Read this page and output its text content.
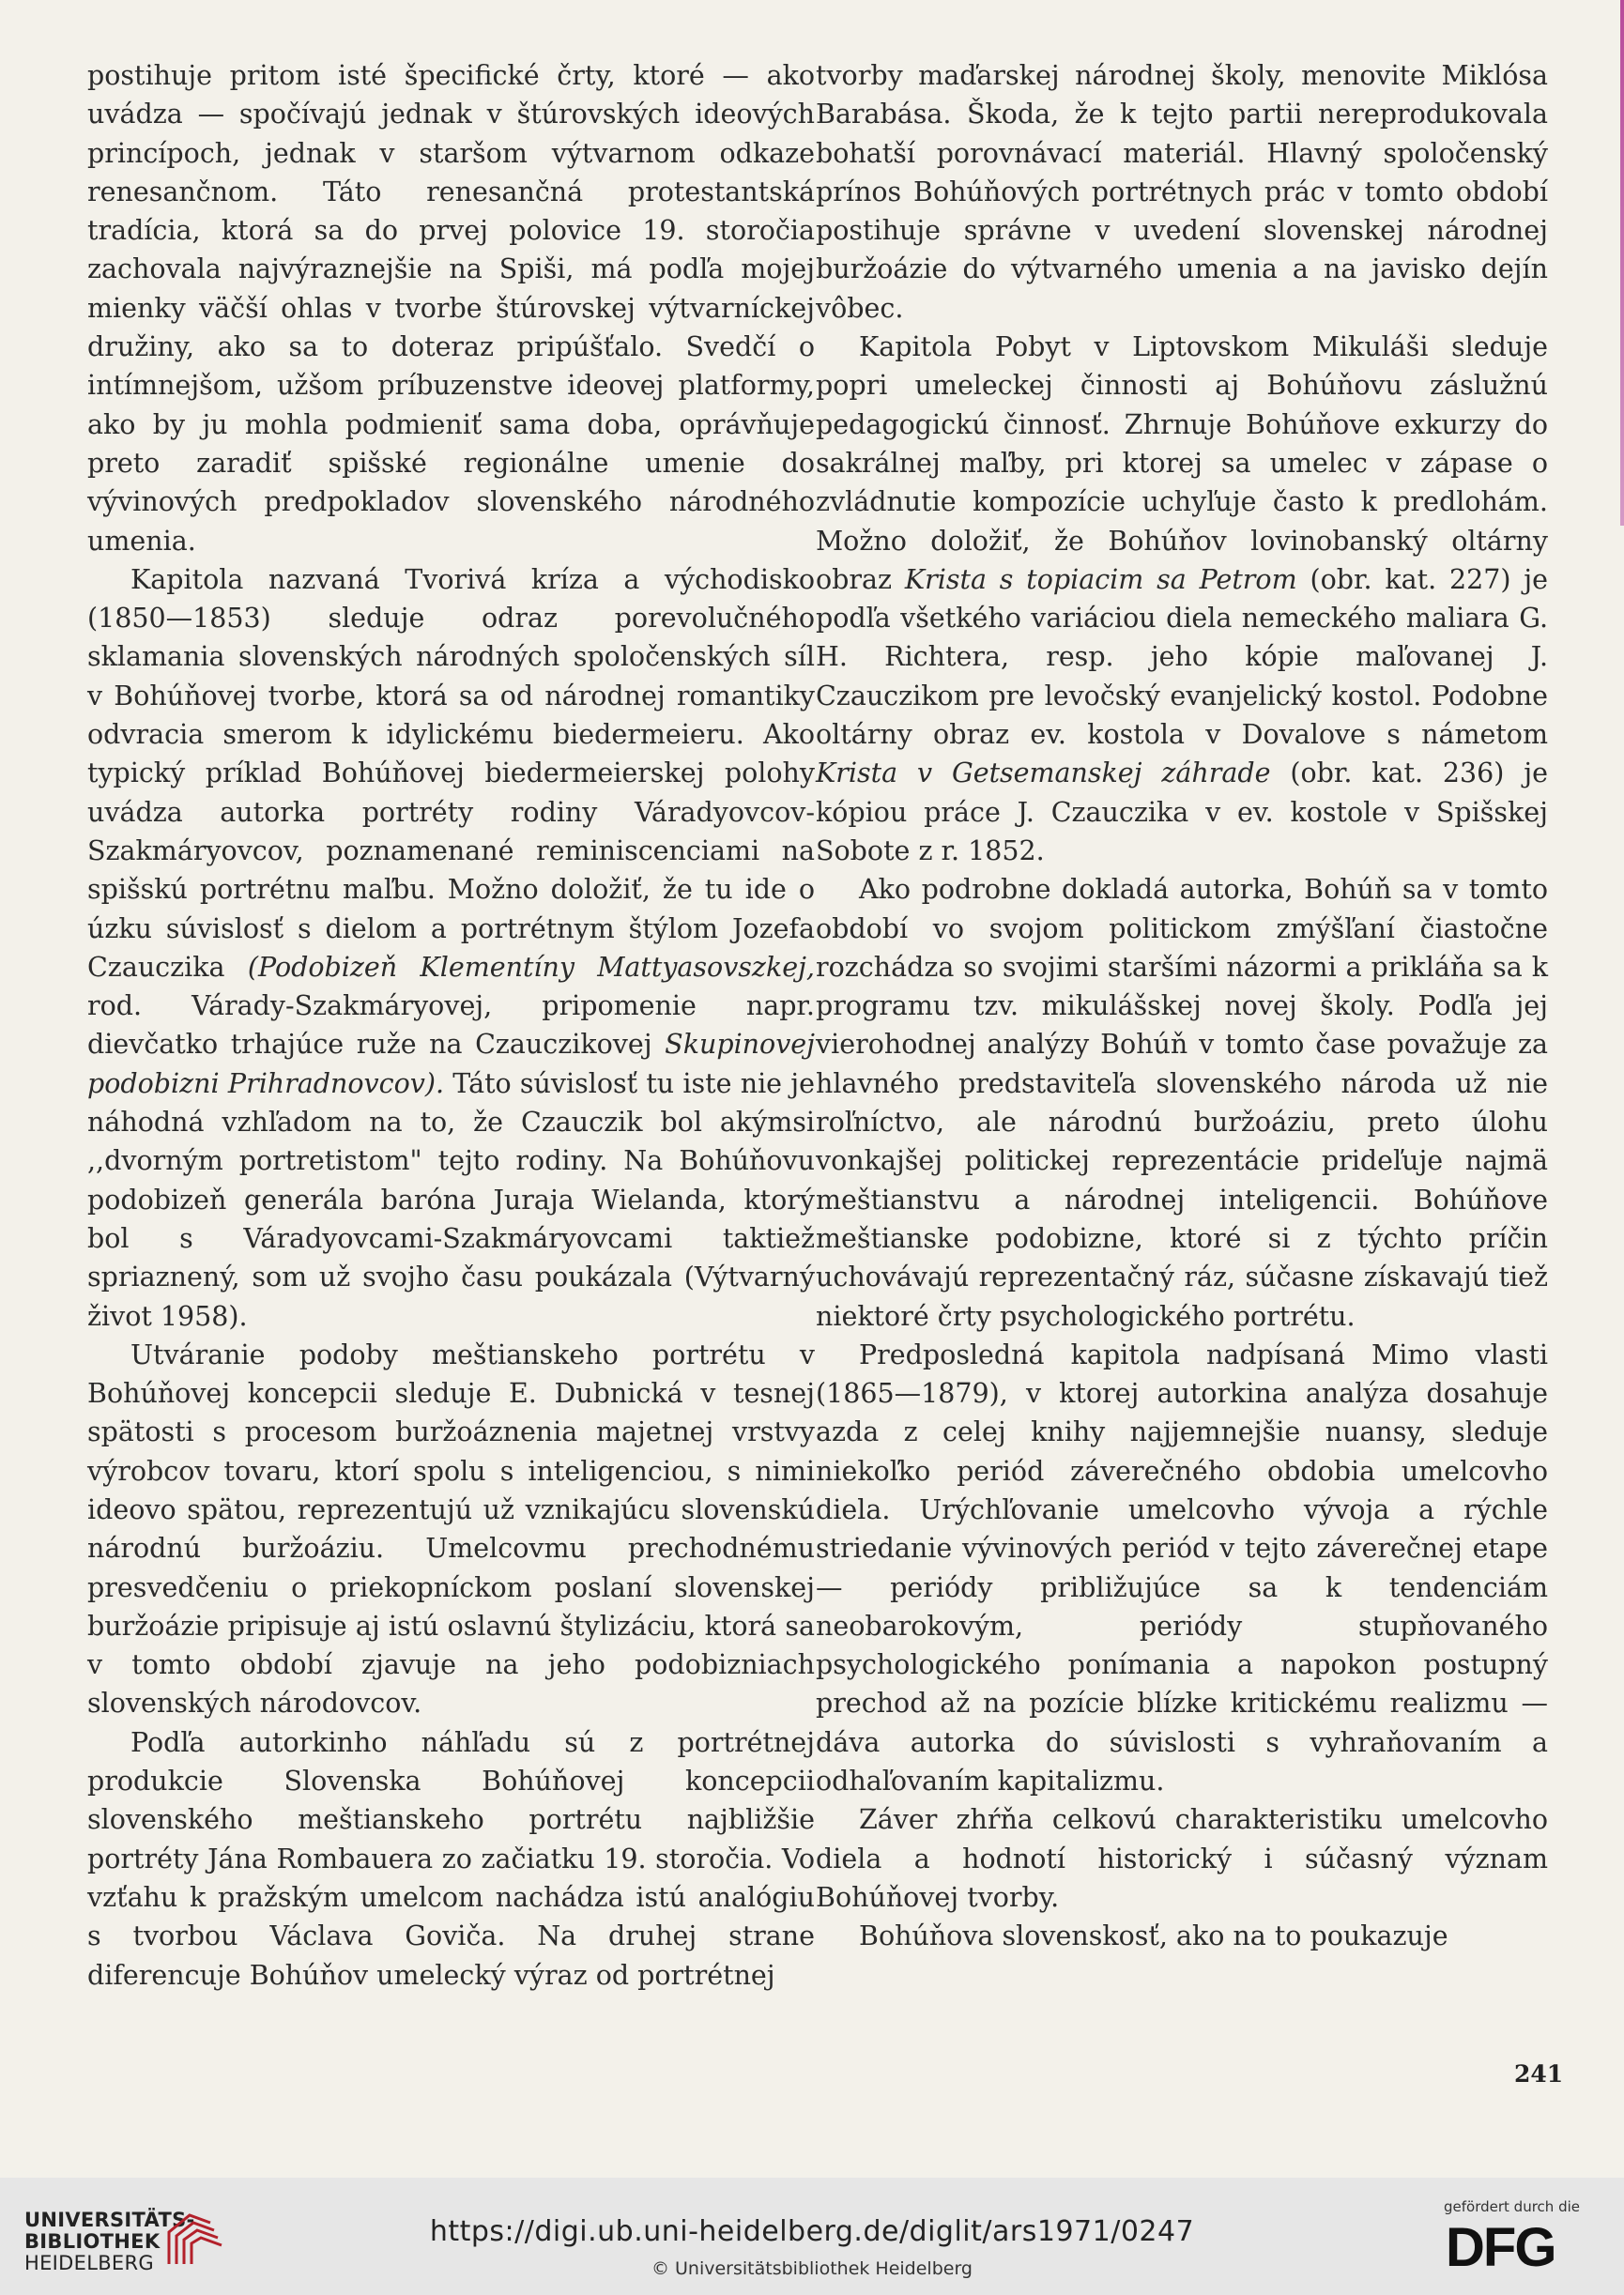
postihuje pritom isté špecifické črty, ktoré — ako uvádza — spočívajú jednak v štúrovských ideových princípoch, jednak v staršom výtvarnom odkaze renesančnom. Táto renesančná protestantská tradícia, ktorá sa do prvej polovice 19. storočia zachovala najvýraznejšie na Spiši, má podľa mojej mienky väčší ohlas v tvorbe štúrovskej výtvarníckej družiny, ako sa to doteraz pripúšťalo. Svedčí o intímnejšom, užšom príbuzenstve ideovej platformy, ako by ju mohla podmieniť sama doba, oprávňuje preto zaradiť spišské regionálne umenie do vývinových predpokladov slovenského národného umenia.

Kapitola nazvaná Tvorivá kríza a východisko (1850—1853) sleduje odraz porevolučného sklamania slovenských národných spoločenských síl v Bohúňovej tvorbe, ktorá sa od národnej romantiky odvracia smerom k idylickému biedermeieru. Ako typický príklad Bohúňovej biedermeierskej polohy uvádza autorka portréty rodiny Váradyovcov-Szakmáryovcov, poznamenané reminiscenciami na spišskú portrétnu maľbu. Možno doložiť, že tu ide o úzku súvislosť s dielom a portrétnym štýlom Jozefa Czauczika (Podobizeň Klementíny Mattyasovszkej, rod. Várady-Szakmáryovej, pripomenie napr. dievčatko trhajúce ruže na Czauczikovej Skupinovej podobizni Prihradnovcov). Táto súvislosť tu iste nie je náhodná vzhľadom na to, že Czauczik bol akýmsi ,,dvorným portretistom" tejto rodiny. Na Bohúňovu podobizeň generála baróna Juraja Wielanda, ktorý bol s Váradyovcami-Szakmáryovcami taktiež spriaznený, som už svojho času poukázala (Výtvarný život 1958).

Utváranie podoby meštianskeho portrétu v Bohúňovej koncepcii sleduje E. Dubnická v tesnej spätosti s procesom buržoáznenia majetnej vrstvy výrobcov tovaru, ktorí spolu s inteligenciou, s nimi ideovo spätou, reprezentujú už vznikajúcu slovenskú národnú buržoáziu. Umelcovmu prechodnému presvedčeniu o priekopníckom poslaní slovenskej buržoázie pripisuje aj istú oslavnú štylizáciu, ktorá sa v tomto období zjavuje na jeho podobizniach slovenských národovcov.

Podľa autorkinho náhľadu sú z portrétnej produkcie Slovenska Bohúňovej koncepcii slovenského meštianskeho portrétu najbližšie portréty Jána Rombauera zo začiatku 19. storočia. Vo vzťahu k pražským umelcom nachádza istú analógiu s tvorbou Václava Goviča. Na druhej strane diferencuje Bohúňov umelecký výraz od portrétnej

tvorby maďarskej národnej školy, menovite Miklósa Barabása. Škoda, že k tejto partii nereprodukovala bohatší porovnávací materiál. Hlavný spoločenský prínos Bohúňových portrétnych prác v tomto období postihuje správne v uvedení slovenskej národnej buržoázie do výtvarného umenia a na javisko dejín vôbec.

Kapitola Pobyt v Liptovskom Mikuláši sleduje popri umeleckej činnosti aj Bohúňovu záslužnú pedagogickú činnosť. Zhrnuje Bohúňove exkurzy do sakrálnej maľby, pri ktorej sa umelec v zápase o zvládnutie kompozície uchyľuje často k predlohám. Možno doložiť, že Bohúňov lovinobanský oltárny obraz Krista s topiacim sa Petrom (obr. kat. 227) je podľa všetkého variáciou diela nemeckého maliara G. H. Richtera, resp. jeho kópie maľovanej J. Czauczikom pre levočský evanjelický kostol. Podobne oltárny obraz ev. kostola v Dovalove s námetom Krista v Getsemanskej záhrade (obr. kat. 236) je kópiou práce J. Czauczika v ev. kostole v Spišskej Sobote z r. 1852.

Ako podrobne dokladá autorka, Bohúň sa v tomto období vo svojom politickom zmýšľaní čiastočne rozchádza so svojimi staršími názormi a prikláňa sa k programu tzv. mikulášskej novej školy. Podľa jej vierohodnej analýzy Bohúň v tomto čase považuje za hlavného predstaviteľa slovenského národa už nie roľníctvo, ale národnú buržoáziu, preto úlohu vonkajšej politickej reprezentácie prideľuje najmä meštianstvu a národnej inteligencii. Bohúňove meštianske podobizne, ktoré si z týchto príčin uchovávajú reprezentačný ráz, súčasne získavajú tiež niektoré črty psychologického portrétu.

Predposledná kapitola nadpísaná Mimo vlasti (1865—1879), v ktorej autorkina analýza dosahuje azda z celej knihy najjemnejšie nuansy, sleduje niekoľko periód záverečného obdobia umelcovho diela. Urýchľovanie umelcovho vývoja a rýchle striedanie vývinových periód v tejto záverečnej etape — periódy približujúce sa k tendenciám neobarokovým, periódy stupňovaného psychologického ponímania a napokon postupný prechod až na pozície blízke kritickému realizmu — dáva autorka do súvislosti s vyhraňovaním a odhaľovaním kapitalizmu.

Záver zhŕňa celkovú charakteristiku umelcovho diela a hodnotí historický i súčasný význam Bohúňovej tvorby.

Bohúňova slovenskosť, ako na to poukazuje

241
UNIVERSITÄTS-
BIBLIOTHEK
HEIDELBERG
https://digi.ub.uni-heidelberg.de/diglit/ars1971/0247
© Universitätsbibliothek Heidelberg
gefördert durch die
DFG
